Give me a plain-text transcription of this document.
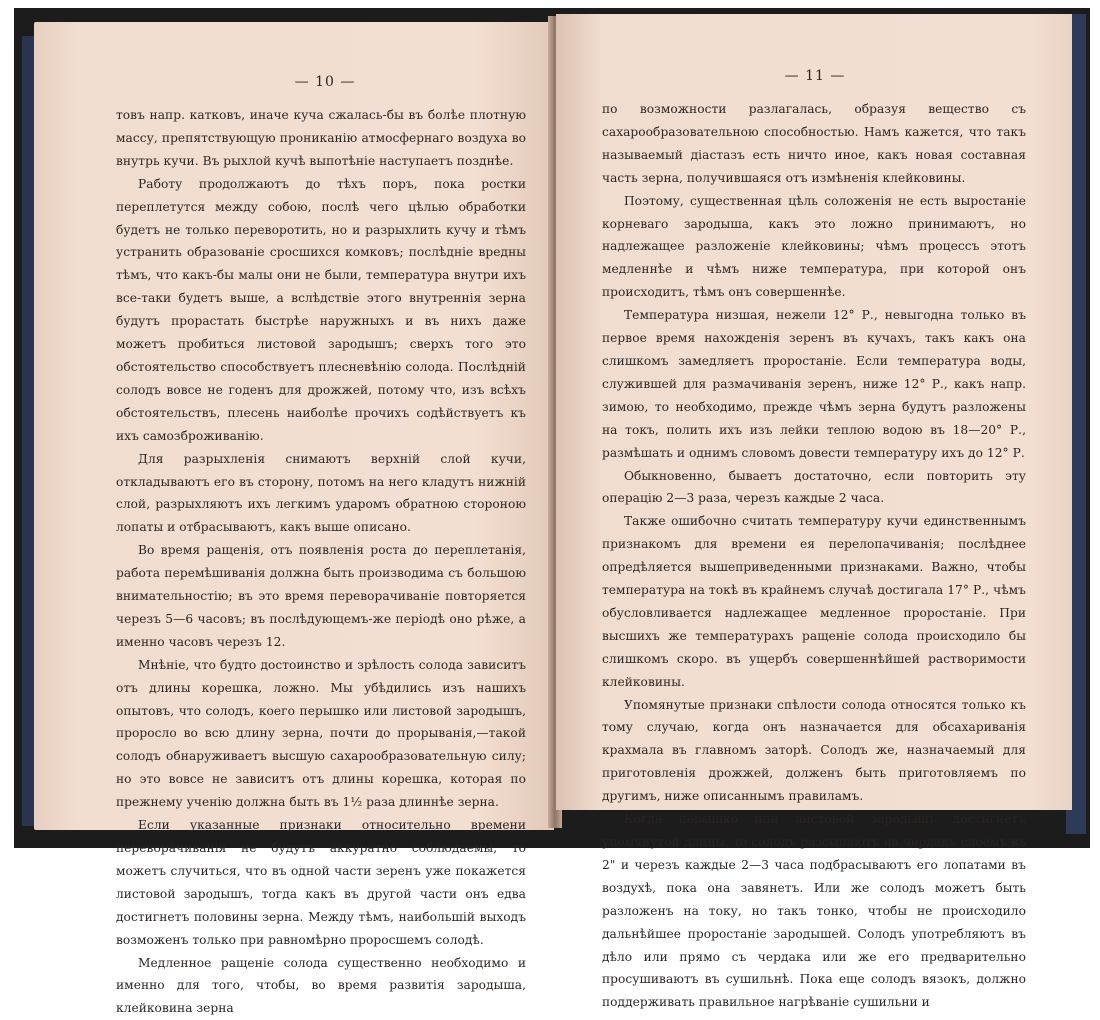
— 10 —

товъ напр. катковъ, иначе куча сжалась-бы въ болѣе плотную массу, препятствующую прониканію атмосфернаго воздуха во внутрь кучи. Въ рыхлой кучѣ выпотѣніе наступаетъ позднѣе.

Работу продолжаютъ до тѣхъ поръ, пока ростки переплетутся между собою, послѣ чего цѣлью обработки будетъ не только переворотить, но и разрыхлить кучу и тѣмъ устранить образованіе сросшихся комковъ; послѣдніе вредны тѣмъ, что какъ-бы малы они не были, температура внутри ихъ все-таки будетъ выше, а вслѣдствіе этого внутреннія зерна будутъ прорастать быстрѣе наружныхъ и въ нихъ даже можетъ пробиться листовой зародышъ; сверхъ того это обстоятельство способствуетъ плесневѣнію солода. Послѣдній солодъ вовсе не годенъ для дрожжей, потому что, изъ всѣхъ обстоятельствъ, плесень наиболѣе прочихъ содѣйствуетъ къ ихъ самозброживанію.

Для разрыхленія снимаютъ верхній слой кучи, откладываютъ его въ сторону, потомъ на него кладутъ нижній слой, разрыхляютъ ихъ легкимъ ударомъ обратною стороною лопаты и отбрасываютъ, какъ выше описано.

Во время ращенія, отъ появленія роста до переплетанія, работа перемѣшиванія должна быть производима съ большою внимательностію; въ это время переворачиваніе повторяется черезъ 5—6 часовъ; въ послѣдующемъ-же періодѣ оно рѣже, а именно часовъ черезъ 12.

Мнѣніе, что будто достоинство и зрѣлость солода зависитъ отъ длины корешка, ложно. Мы убѣдились изъ нашихъ опытовъ, что солодъ, коего перышко или листовой зародышъ, проросло во всю длину зерна, почти до прорыванія,—такой солодъ обнаруживаетъ высшую сахарообразовательную силу; но это вовсе не зависитъ отъ длины корешка, которая по прежнему ученію должна быть въ 1½ раза длиннѣе зерна.

Если указанные признаки относительно времени переворачиванія не будутъ аккуратно соблюдаемы, то можетъ случиться, что въ одной части зеренъ уже покажется листовой зародышъ, тогда какъ въ другой части онъ едва достигнетъ половины зерна. Между тѣмъ, наибольшій выходъ возможенъ только при равномѣрно проросшемъ солодѣ.

Медленное ращеніе солода существенно необходимо и именно для того, чтобы, во время развитія зародыша, клейковина зерна

— 11 —

по возможности разлагалась, образуя вещество съ сахарообразовательною способностью. Намъ кажется, что такъ называемый діастазъ есть ничто иное, какъ новая составная часть зерна, получившаяся отъ измѣненія клейковины.

Поэтому, существенная цѣль соложенія не есть выростаніе корневаго зародыша, какъ это ложно принимаютъ, но надлежащее разложеніе клейковины; чѣмъ процессъ этотъ медленнѣе и чѣмъ ниже температура, при которой онъ происходитъ, тѣмъ онъ совершеннѣе.

Температура низшая, нежели 12° Р., невыгодна только въ первое время нахожденія зеренъ въ кучахъ, такъ какъ она слишкомъ замедляетъ проростаніе. Если температура воды, служившей для размачиванія зеренъ, ниже 12° Р., какъ напр. зимою, то необходимо, прежде чѣмъ зерна будутъ разложены на токъ, полить ихъ изъ лейки теплою водою въ 18—20° Р., размѣшать и однимъ словомъ довести температуру ихъ до 12° Р.

Обыкновенно, бываетъ достаточно, если повторить эту операцію 2—3 раза, черезъ каждые 2 часа.

Также ошибочно считать температуру кучи единственнымъ признакомъ для времени ея перелопачиванія; послѣднее опредѣляется вышеприведенными признаками. Важно, чтобы температура на токѣ въ крайнемъ случаѣ достигала 17° Р., чѣмъ обусловливается надлежащее медленное проростаніе. При высшихъ же температурахъ ращеніе солода происходило бы слишкомъ скоро. въ ущербъ совершеннѣйшей растворимости клейковины.

Упомянутые признаки спѣлости солода относятся только къ тому случаю, когда онъ назначается для обсахариванія крахмала въ главномъ заторѣ. Солодъ же, назначаемый для приготовленія дрожжей, долженъ быть приготовляемъ по другимъ, ниже описаннымъ правиламъ.

Когда перышко или листовой зародышъ достигнетъ упомянутой длины, то солодъ разсыпаютъ на чердакъ слоемъ въ 2" и черезъ каждые 2—3 часа подбрасываютъ его лопатами въ воздухѣ, пока она завянетъ. Или же солодъ можетъ быть разложенъ на току, но такъ тонко, чтобы не происходило дальнѣйшее проростаніе зародышей. Солодъ употребляютъ въ дѣло или прямо съ чердака или же его предварительно просушиваютъ въ сушильнѣ. Пока еще солодъ вязокъ, должно поддерживать правильное нагрѣваніе сушильни и
